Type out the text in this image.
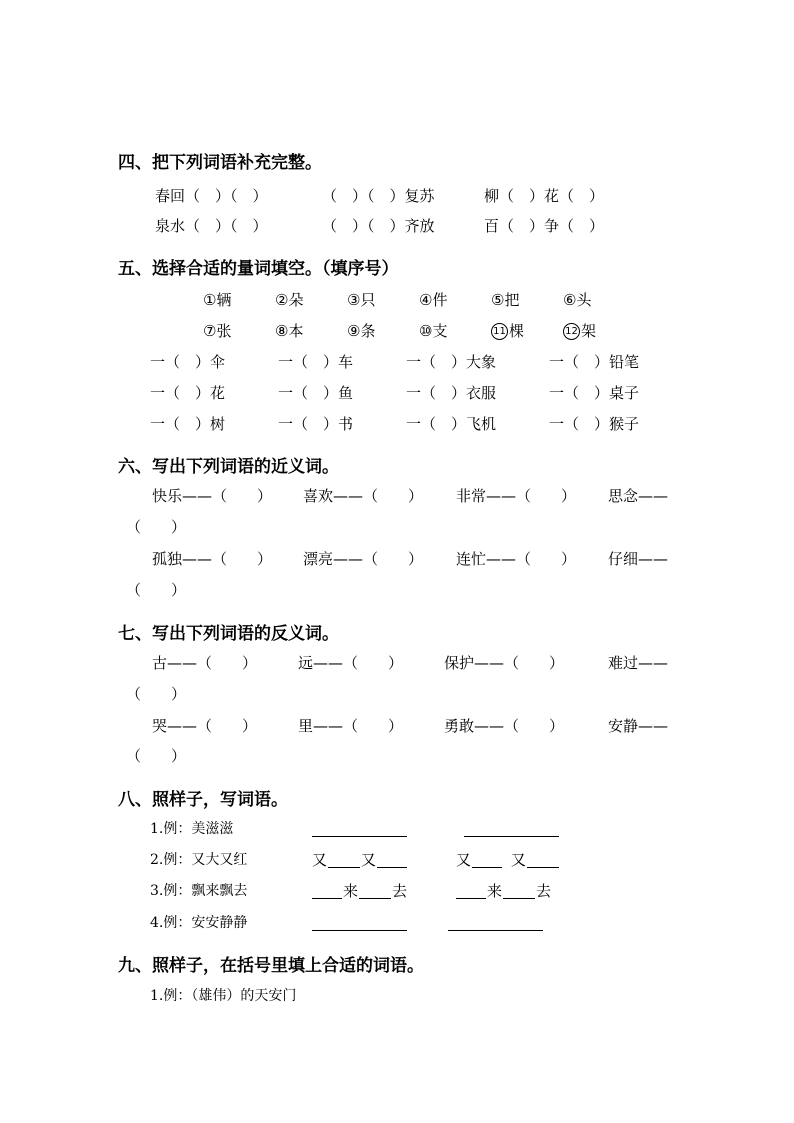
四、把下列词语补充完整。
春回（　）（　）	（　）（　）复苏	柳（　）花（　）
泉水（　）（　）	（　）（　）齐放	百（　）争（　）
五、选择合适的量词填空。（填序号）
①辆	②朵	③只	④件	⑤把	⑥头
⑦张	⑧本	⑨条	⑩支	11 棵	12 架
一（　）伞	一（　）车	一（　）大象	一（　）铅笔
一（　）花	一（　）鱼	一（　）衣服	一（　）桌子
一（　）树	一（　）书	一（　）飞机	一（　）猴子
六、写出下列词语的近义词。
快乐——（　　） 喜欢——（　　） 非常——（　　） 思念——
（　　）
孤独——（　　） 漂亮——（　　） 连忙——（　　） 仔细——
（　　）
七、写出下列词语的反义词。
古——（　　）	远——（　　）	保护——（　　）	难过——
（　　）
哭——（　　）	里——（　　）	勇敢——（　　）	安静——
（　　）
八、照样子，写词语。
1.例：美滋滋
2.例：又大又红	又 又	又	又
3.例：飘来飘去	来 去	来 去
4.例：安安静静
九、照样子，在括号里填上合适的词语。
1.例：（雄伟）的天安门
